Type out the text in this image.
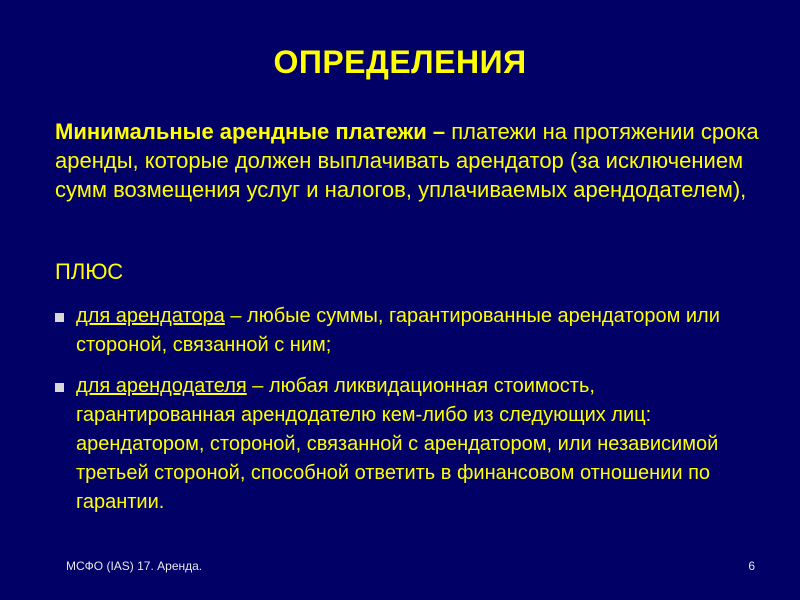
ОПРЕДЕЛЕНИЯ
Минимальные арендные платежи – платежи на протяжении срока аренды, которые должен выплачивать арендатор (за исключением сумм возмещения услуг и налогов, уплачиваемых арендодателем),
ПЛЮС
для арендатора – любые суммы, гарантированные арендатором или стороной, связанной с ним;
для арендодателя – любая ликвидационная стоимость, гарантированная арендодателю кем-либо из следующих лиц: арендатором, стороной, связанной с арендатором, или независимой третьей стороной, способной ответить в финансовом отношении по гарантии.
МСФО (IAS) 17. Аренда.	6
